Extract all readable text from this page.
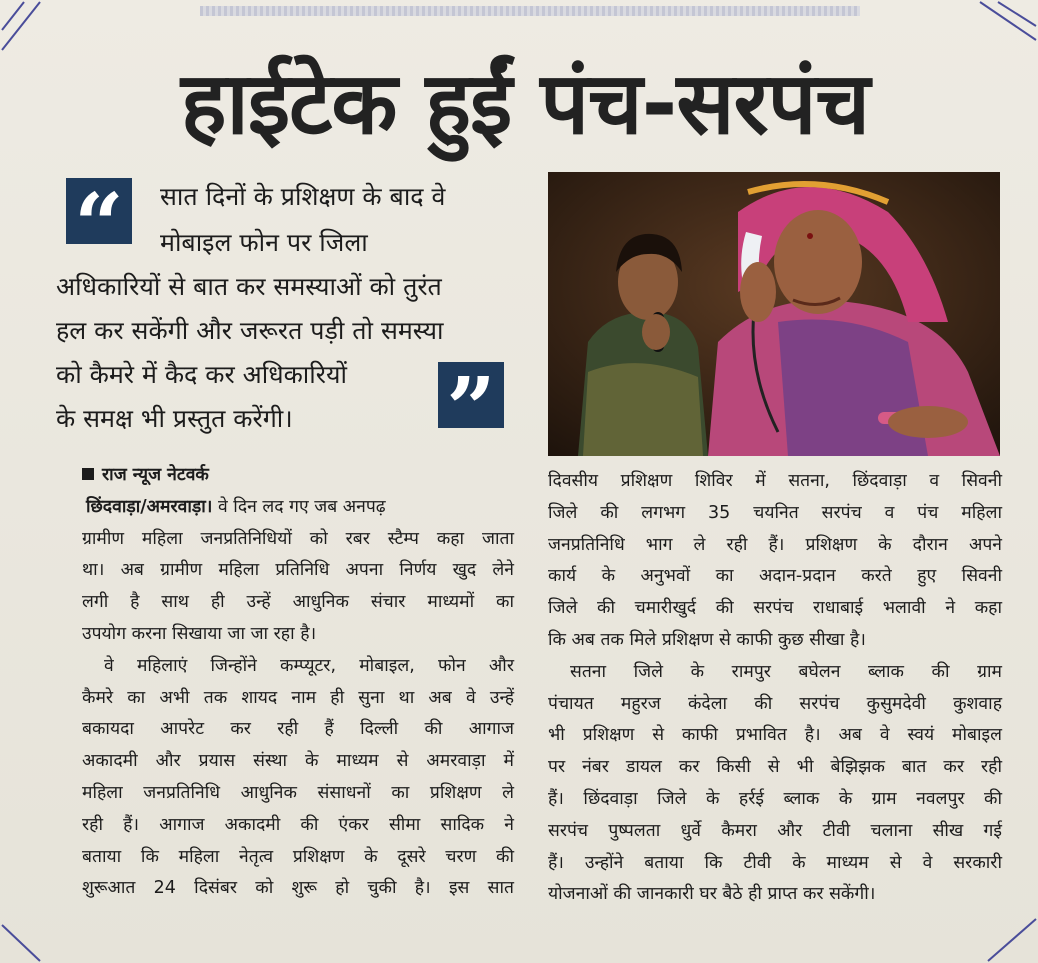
हाईटेक हुईं पंच-सरपंच
“	सात दिनों के प्रशिक्षण के बाद वे
मोबाइल फोन पर जिला
अधिकारियों से बात कर समस्याओं को तुरंत
हल कर सकेंगी और जरूरत पड़ी तो समस्या
को कैमरे में कैद कर अधिकारियों
के समक्ष भी प्रस्तुत करेंगी। ”
राज न्यूज नेटवर्क
छिंदवाड़ा/अमरवाड़ा। वे दिन लद गए जब अनपढ़
ग्रामीण महिला जनप्रतिनिधियों को रबर स्टैम्प कहा जाता
था। अब ग्रामीण महिला प्रतिनिधि अपना निर्णय खुद लेने
लगी है साथ ही उन्हें आधुनिक संचार माध्यमों का
उपयोग करना सिखाया जा जा रहा है।
वे महिलाएं जिन्होंने कम्प्यूटर, मोबाइल, फोन और
कैमरे का अभी तक शायद नाम ही सुना था अब वे उन्हें
बकायदा आपरेट कर रही हैं दिल्ली की आगाज
अकादमी और प्रयास संस्था के माध्यम से अमरवाड़ा में
महिला जनप्रतिनिधि आधुनिक संसाधनों का प्रशिक्षण ले
रही हैं। आगाज अकादमी की एंकर सीमा सादिक ने
बताया कि महिला नेतृत्व प्रशिक्षण के दूसरे चरण की
शुरूआत 24 दिसंबर को शुरू हो चुकी है। इस सात
दिवसीय प्रशिक्षण शिविर में सतना, छिंदवाड़ा व सिवनी
जिले की लगभग 35 चयनित सरपंच व पंच महिला
जनप्रतिनिधि भाग ले रही हैं। प्रशिक्षण के दौरान अपने
कार्य के अनुभवों का अदान-प्रदान करते हुए सिवनी
जिले की चमारीखुर्द की सरपंच राधाबाई भलावी ने कहा
कि अब तक मिले प्रशिक्षण से काफी कुछ सीखा है।
सतना जिले के रामपुर बघेलन ब्लाक की ग्राम
पंचायत महुरज कंदेला की सरपंच कुसुमदेवी कुशवाह
भी प्रशिक्षण से काफी प्रभावित है। अब वे स्वयं मोबाइल
पर नंबर डायल कर किसी से भी बेझिझक बात कर रही
हैं। छिंदवाड़ा जिले के हर्रई ब्लाक के ग्राम नवलपुर की
सरपंच पुष्पलता धुर्वे कैमरा और टीवी चलाना सीख गई
हैं। उन्होंने बताया कि टीवी के माध्यम से वे सरकारी
योजनाओं की जानकारी घर बैठे ही प्राप्त कर सकेंगी।
